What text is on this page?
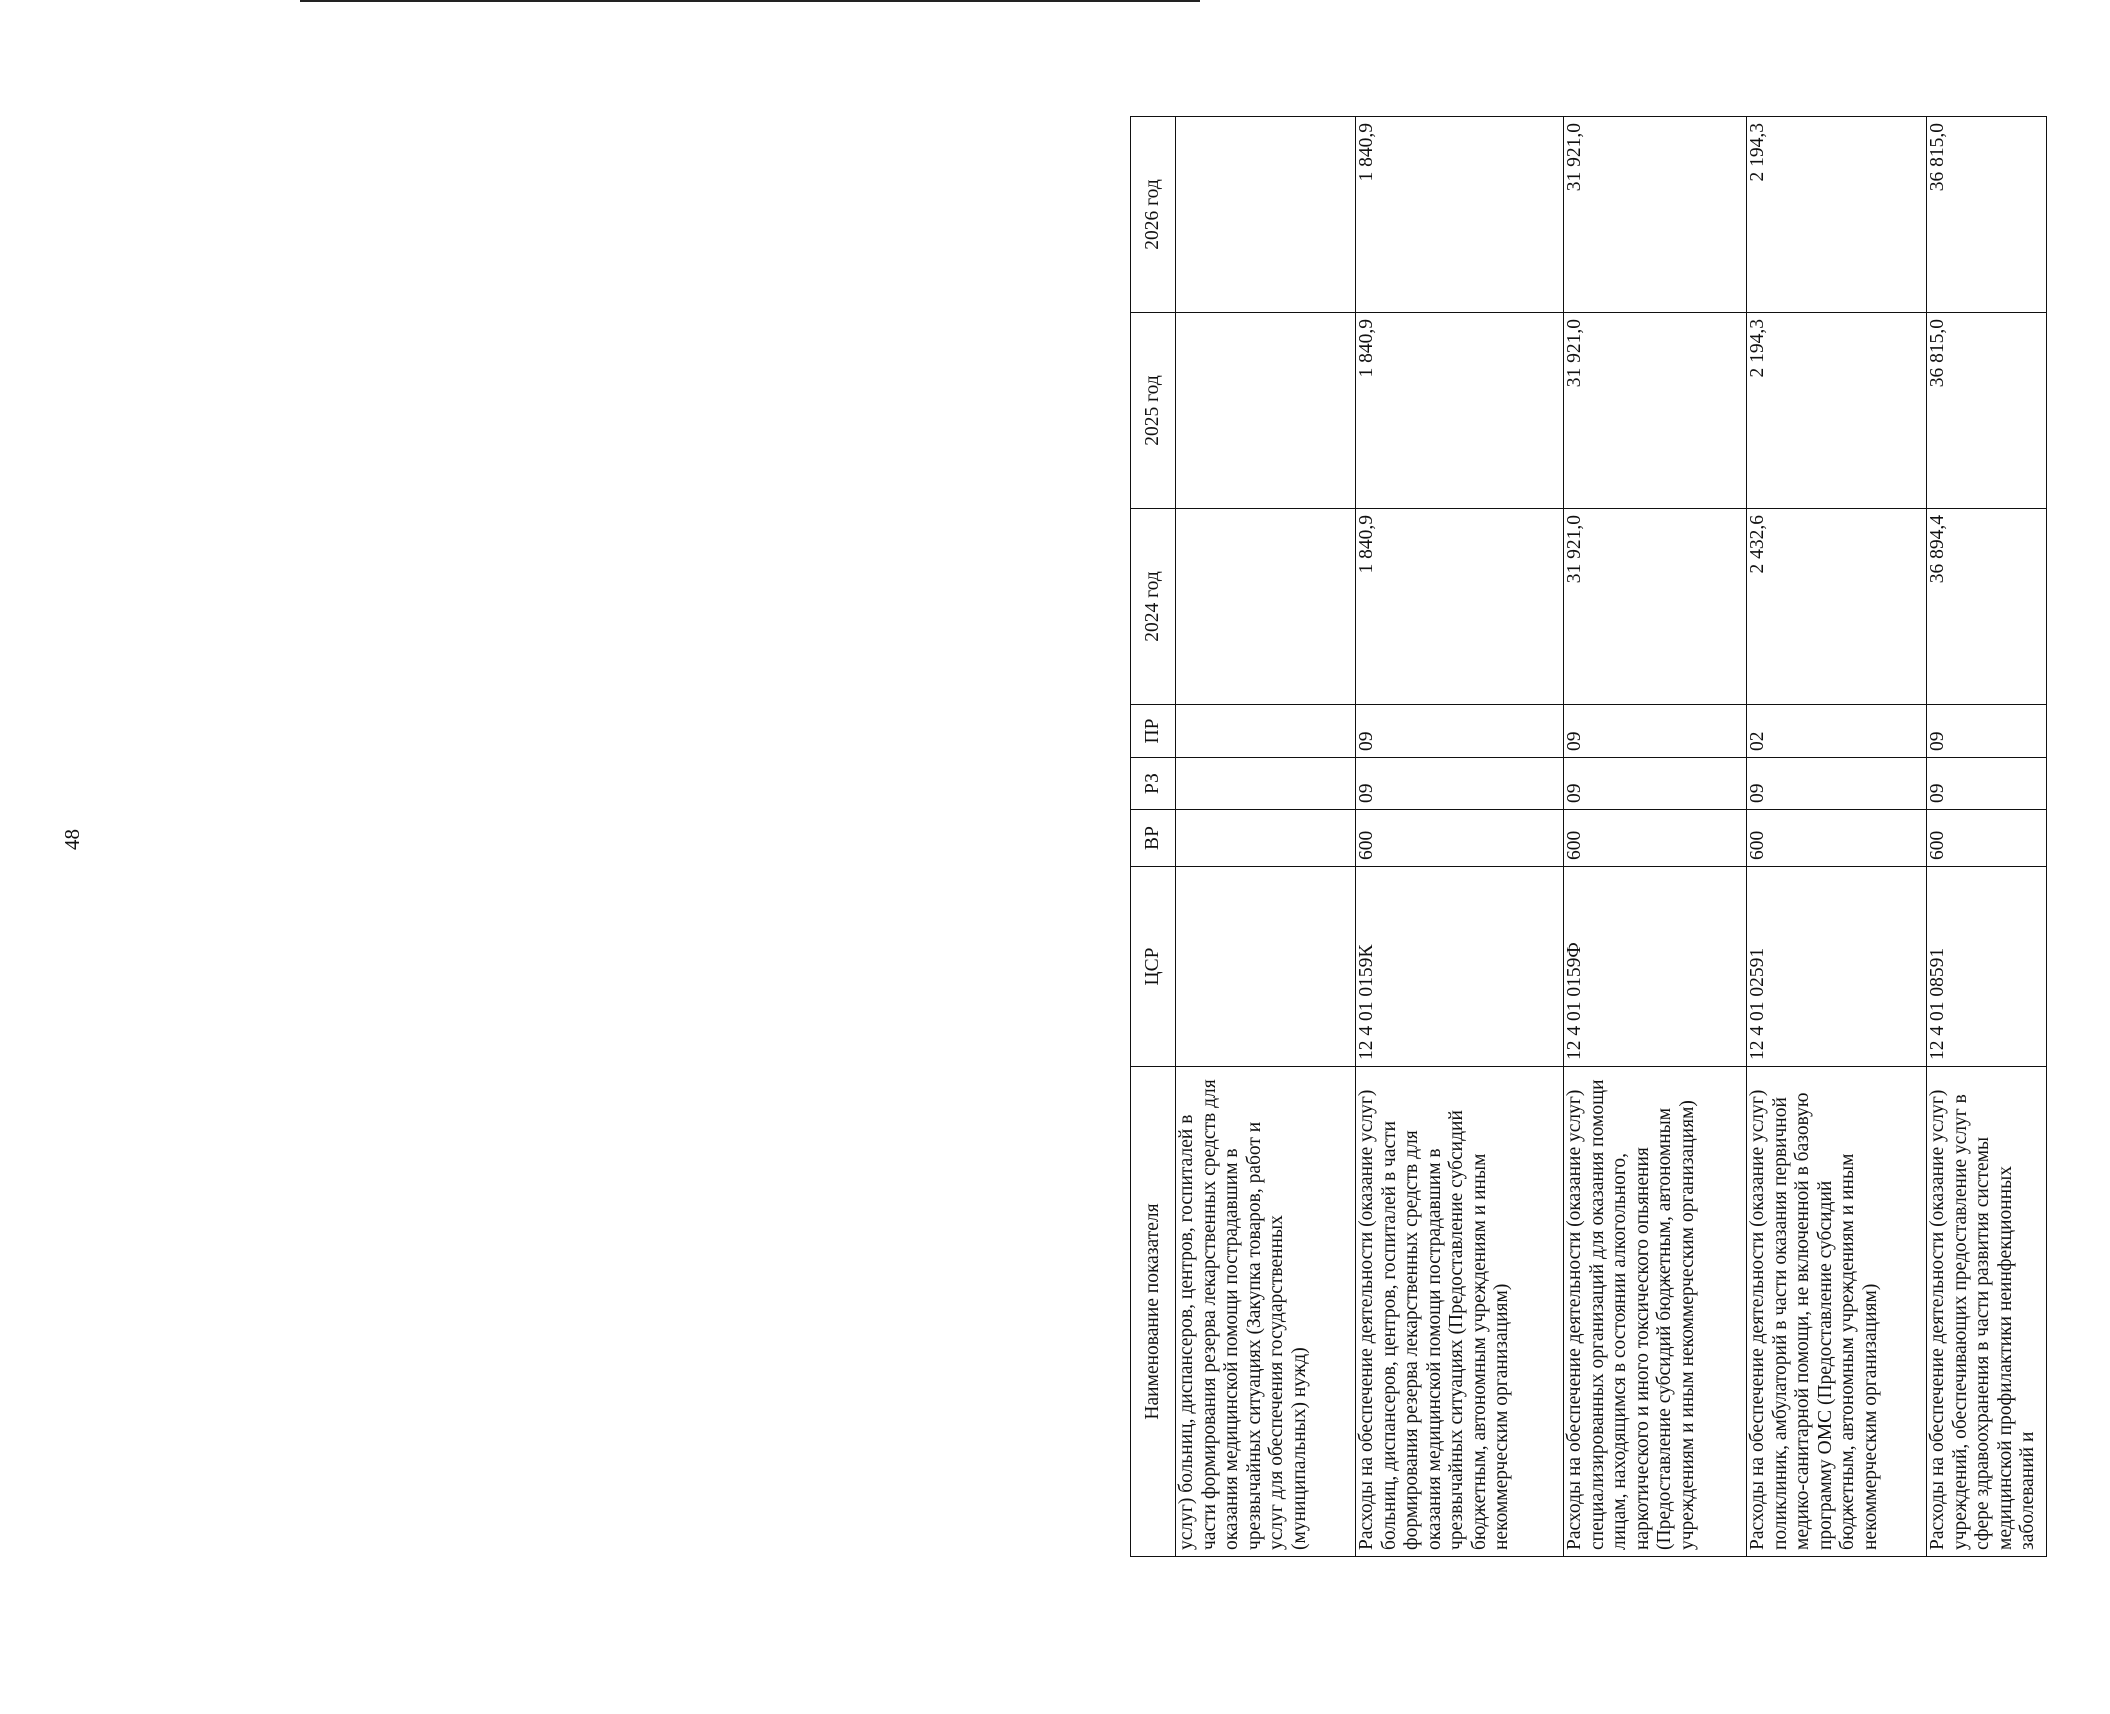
48
Наименование показателя	ЦСР	ВР	РЗ	ПР	2024 год	2025 год	2026 год
услуг) больниц, диспансеров, центров, госпиталей в части формирования резерва лекарственных средств для оказания медицинской помощи пострадавшим в чрезвычайных ситуациях (Закупка товаров, работ и услуг для обеспечения государственных (муниципальных) нужд)							
Расходы на обеспечение деятельности (оказание услуг) больниц, диспансеров, центров, госпиталей в части формирования резерва лекарственных средств для оказания медицинской помощи пострадавшим в чрезвычайных ситуациях (Предоставление субсидий бюджетным, автономным учреждениям и иным некоммерческим организациям)	12 4 01 0159К	600	09	09	1 840,9	1 840,9	1 840,9
Расходы на обеспечение деятельности (оказание услуг) специализированных организаций для оказания помощи лицам, находящимся в состоянии алкогольного, наркотического и иного токсического опьянения (Предоставление субсидий бюджетным, автономным учреждениям и иным некоммерческим организациям)	12 4 01 0159Ф	600	09	09	31 921,0	31 921,0	31 921,0
Расходы на обеспечение деятельности (оказание услуг) поликлиник, амбулаторий в части оказания первичной медико-санитарной помощи, не включенной в базовую программу ОМС (Предоставление субсидий бюджетным, автономным учреждениям и иным некоммерческим организациям)	12 4 01 02591	600	09	02	2 432,6	2 194,3	2 194,3
Расходы на обеспечение деятельности (оказание услуг) учреждений, обеспечивающих предоставление услуг в сфере здравоохранения в части развития системы медицинской профилактики неинфекционных заболеваний и	12 4 01 08591	600	09	09	36 894,4	36 815,0	36 815,0
